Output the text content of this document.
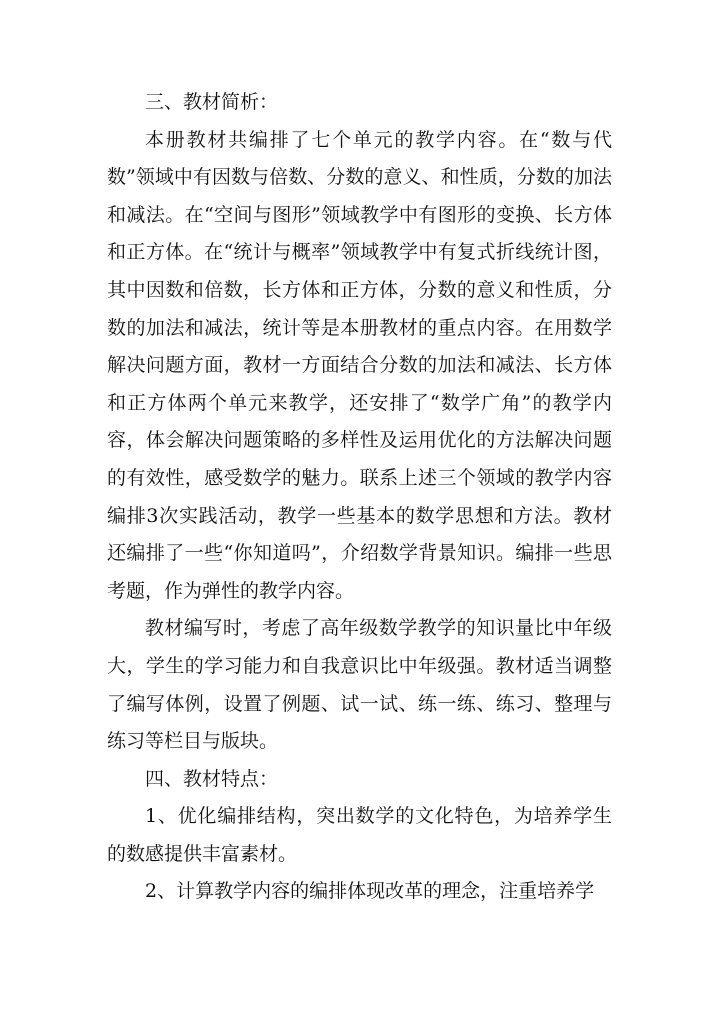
三、教材简析：

本册教材共编排了七个单元的教学内容。在“数与代数”领域中有因数与倍数、分数的意义、和性质，分数的加法和减法。在“空间与图形”领域教学中有图形的变换、长方体和正方体。在“统计与概率”领域教学中有复式折线统计图，其中因数和倍数，长方体和正方体，分数的意义和性质，分数的加法和减法，统计等是本册教材的重点内容。在用数学解决问题方面，教材一方面结合分数的加法和减法、长方体和正方体两个单元来教学，还安排了“数学广角”的教学内容，体会解决问题策略的多样性及运用优化的方法解决问题的有效性，感受数学的魅力。联系上述三个领域的教学内容编排3次实践活动，教学一些基本的数学思想和方法。教材还编排了一些“你知道吗”，介绍数学背景知识。编排一些思考题，作为弹性的教学内容。

教材编写时，考虑了高年级数学教学的知识量比中年级大，学生的学习能力和自我意识比中年级强。教材适当调整了编写体例，设置了例题、试一试、练一练、练习、整理与练习等栏目与版块。

四、教材特点：

1、优化编排结构，突出数学的文化特色，为培养学生的数感提供丰富素材。

2、计算教学内容的编排体现改革的理念，注重培养学
